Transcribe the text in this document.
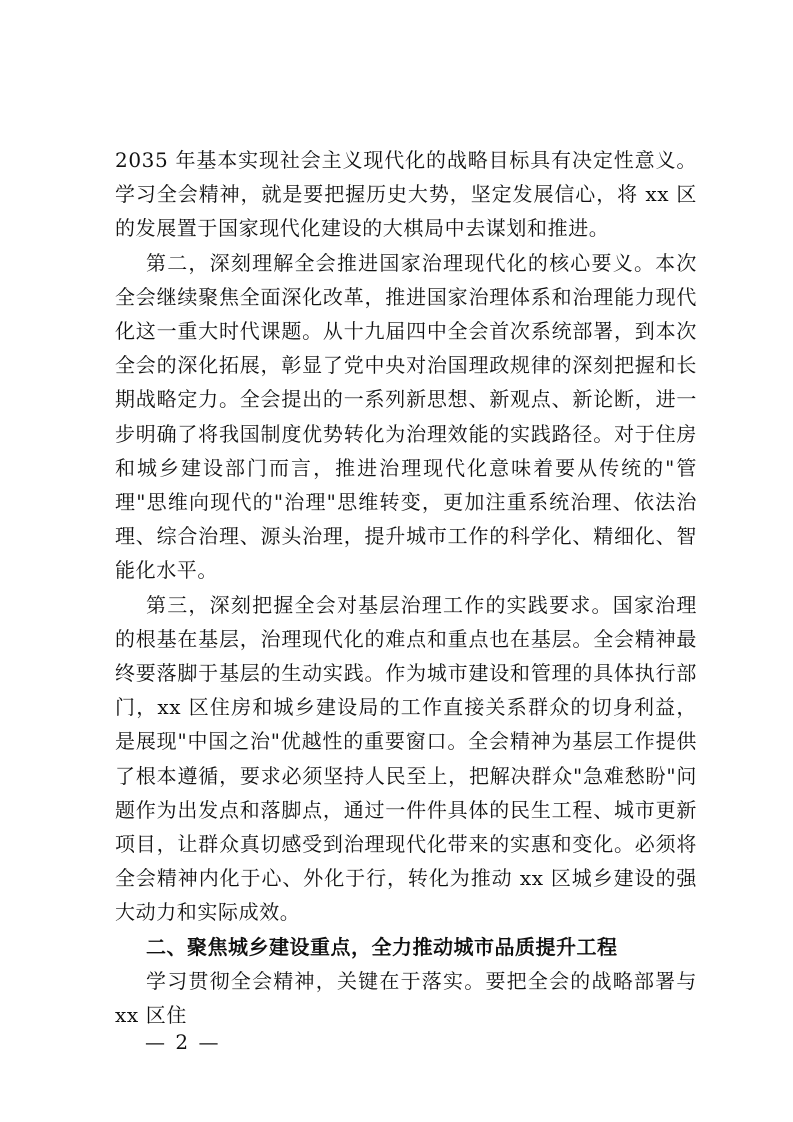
2035 年基本实现社会主义现代化的战略目标具有决定性意义。学习全会精神，就是要把握历史大势，坚定发展信心，将 xx 区的发展置于国家现代化建设的大棋局中去谋划和推进。

第二，深刻理解全会推进国家治理现代化的核心要义。本次全会继续聚焦全面深化改革，推进国家治理体系和治理能力现代化这一重大时代课题。从十九届四中全会首次系统部署，到本次全会的深化拓展，彰显了党中央对治国理政规律的深刻把握和长期战略定力。全会提出的一系列新思想、新观点、新论断，进一步明确了将我国制度优势转化为治理效能的实践路径。对于住房和城乡建设部门而言，推进治理现代化意味着要从传统的"管理"思维向现代的"治理"思维转变，更加注重系统治理、依法治理、综合治理、源头治理，提升城市工作的科学化、精细化、智能化水平。

第三，深刻把握全会对基层治理工作的实践要求。国家治理的根基在基层，治理现代化的难点和重点也在基层。全会精神最终要落脚于基层的生动实践。作为城市建设和管理的具体执行部门，xx 区住房和城乡建设局的工作直接关系群众的切身利益，是展现"中国之治"优越性的重要窗口。全会精神为基层工作提供了根本遵循，要求必须坚持人民至上，把解决群众"急难愁盼"问题作为出发点和落脚点，通过一件件具体的民生工程、城市更新项目，让群众真切感受到治理现代化带来的实惠和变化。必须将全会精神内化于心、外化于行，转化为推动 xx 区城乡建设的强大动力和实际成效。

二、聚焦城乡建设重点，全力推动城市品质提升工程

学习贯彻全会精神，关键在于落实。要把全会的战略部署与 xx 区住

— 2 —
